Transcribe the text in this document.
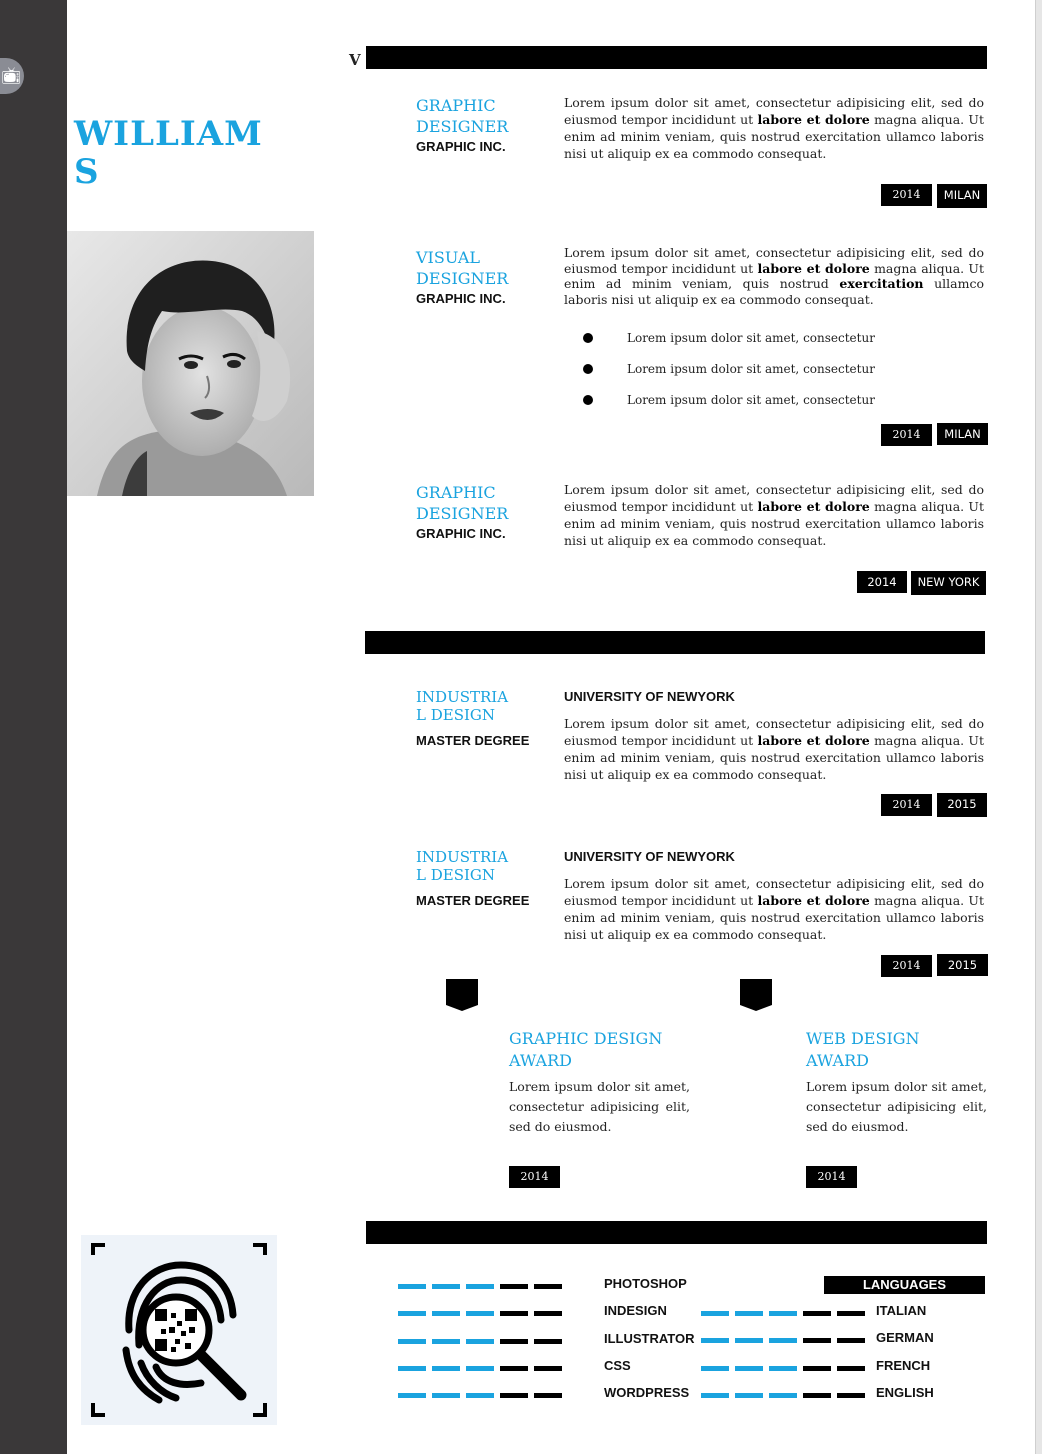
📺︎
WILLIAM
S
V
GRAPHIC
DESIGNER
GRAPHIC INC.
Lorem ipsum dolor sit amet, consectetur adipisicing elit, sed do eiusmod tempor incididunt ut labore et dolore magna aliqua. Ut enim ad minim veniam, quis nostrud exercitation ullamco laboris nisi ut aliquip ex ea commodo consequat.
2014	MILAN
VISUAL
DESIGNER
GRAPHIC INC.
Lorem ipsum dolor sit amet, consectetur adipisicing elit, sed do eiusmod tempor incididunt ut labore et dolore magna aliqua. Ut enim ad minim veniam, quis nostrud exercitation ullamco laboris nisi ut aliquip ex ea commodo consequat.
Lorem ipsum dolor sit amet, consectetur
Lorem ipsum dolor sit amet, consectetur
Lorem ipsum dolor sit amet, consectetur
2014	MILAN
GRAPHIC
DESIGNER
GRAPHIC INC.
Lorem ipsum dolor sit amet, consectetur adipisicing elit, sed do eiusmod tempor incididunt ut labore et dolore magna aliqua. Ut enim ad minim veniam, quis nostrud exercitation ullamco laboris nisi ut aliquip ex ea commodo consequat.
2014	NEW YORK
INDUSTRIAL DESIGN
MASTER DEGREE
UNIVERSITY OF NEWYORK
Lorem ipsum dolor sit amet, consectetur adipisicing elit, sed do eiusmod tempor incididunt ut labore et dolore magna aliqua. Ut enim ad minim veniam, quis nostrud exercitation ullamco laboris nisi ut aliquip ex ea commodo consequat.
2014	2015
INDUSTRIAL DESIGN
MASTER DEGREE
UNIVERSITY OF NEWYORK
Lorem ipsum dolor sit amet, consectetur adipisicing elit, sed do eiusmod tempor incididunt ut labore et dolore magna aliqua. Ut enim ad minim veniam, quis nostrud exercitation ullamco laboris nisi ut aliquip ex ea commodo consequat.
2014	2015
GRAPHIC DESIGN
AWARD
Lorem ipsum dolor sit amet, consectetur adipisicing elit, sed do eiusmod.
2014
WEB DESIGN
AWARD
Lorem ipsum dolor sit amet, consectetur adipisicing elit, sed do eiusmod.
2014
PHOTOSHOP
INDESIGN
ILLUSTRATOR
CSS
WORDPRESS
LANGUAGES
ITALIAN
GERMAN
FRENCH
ENGLISH
